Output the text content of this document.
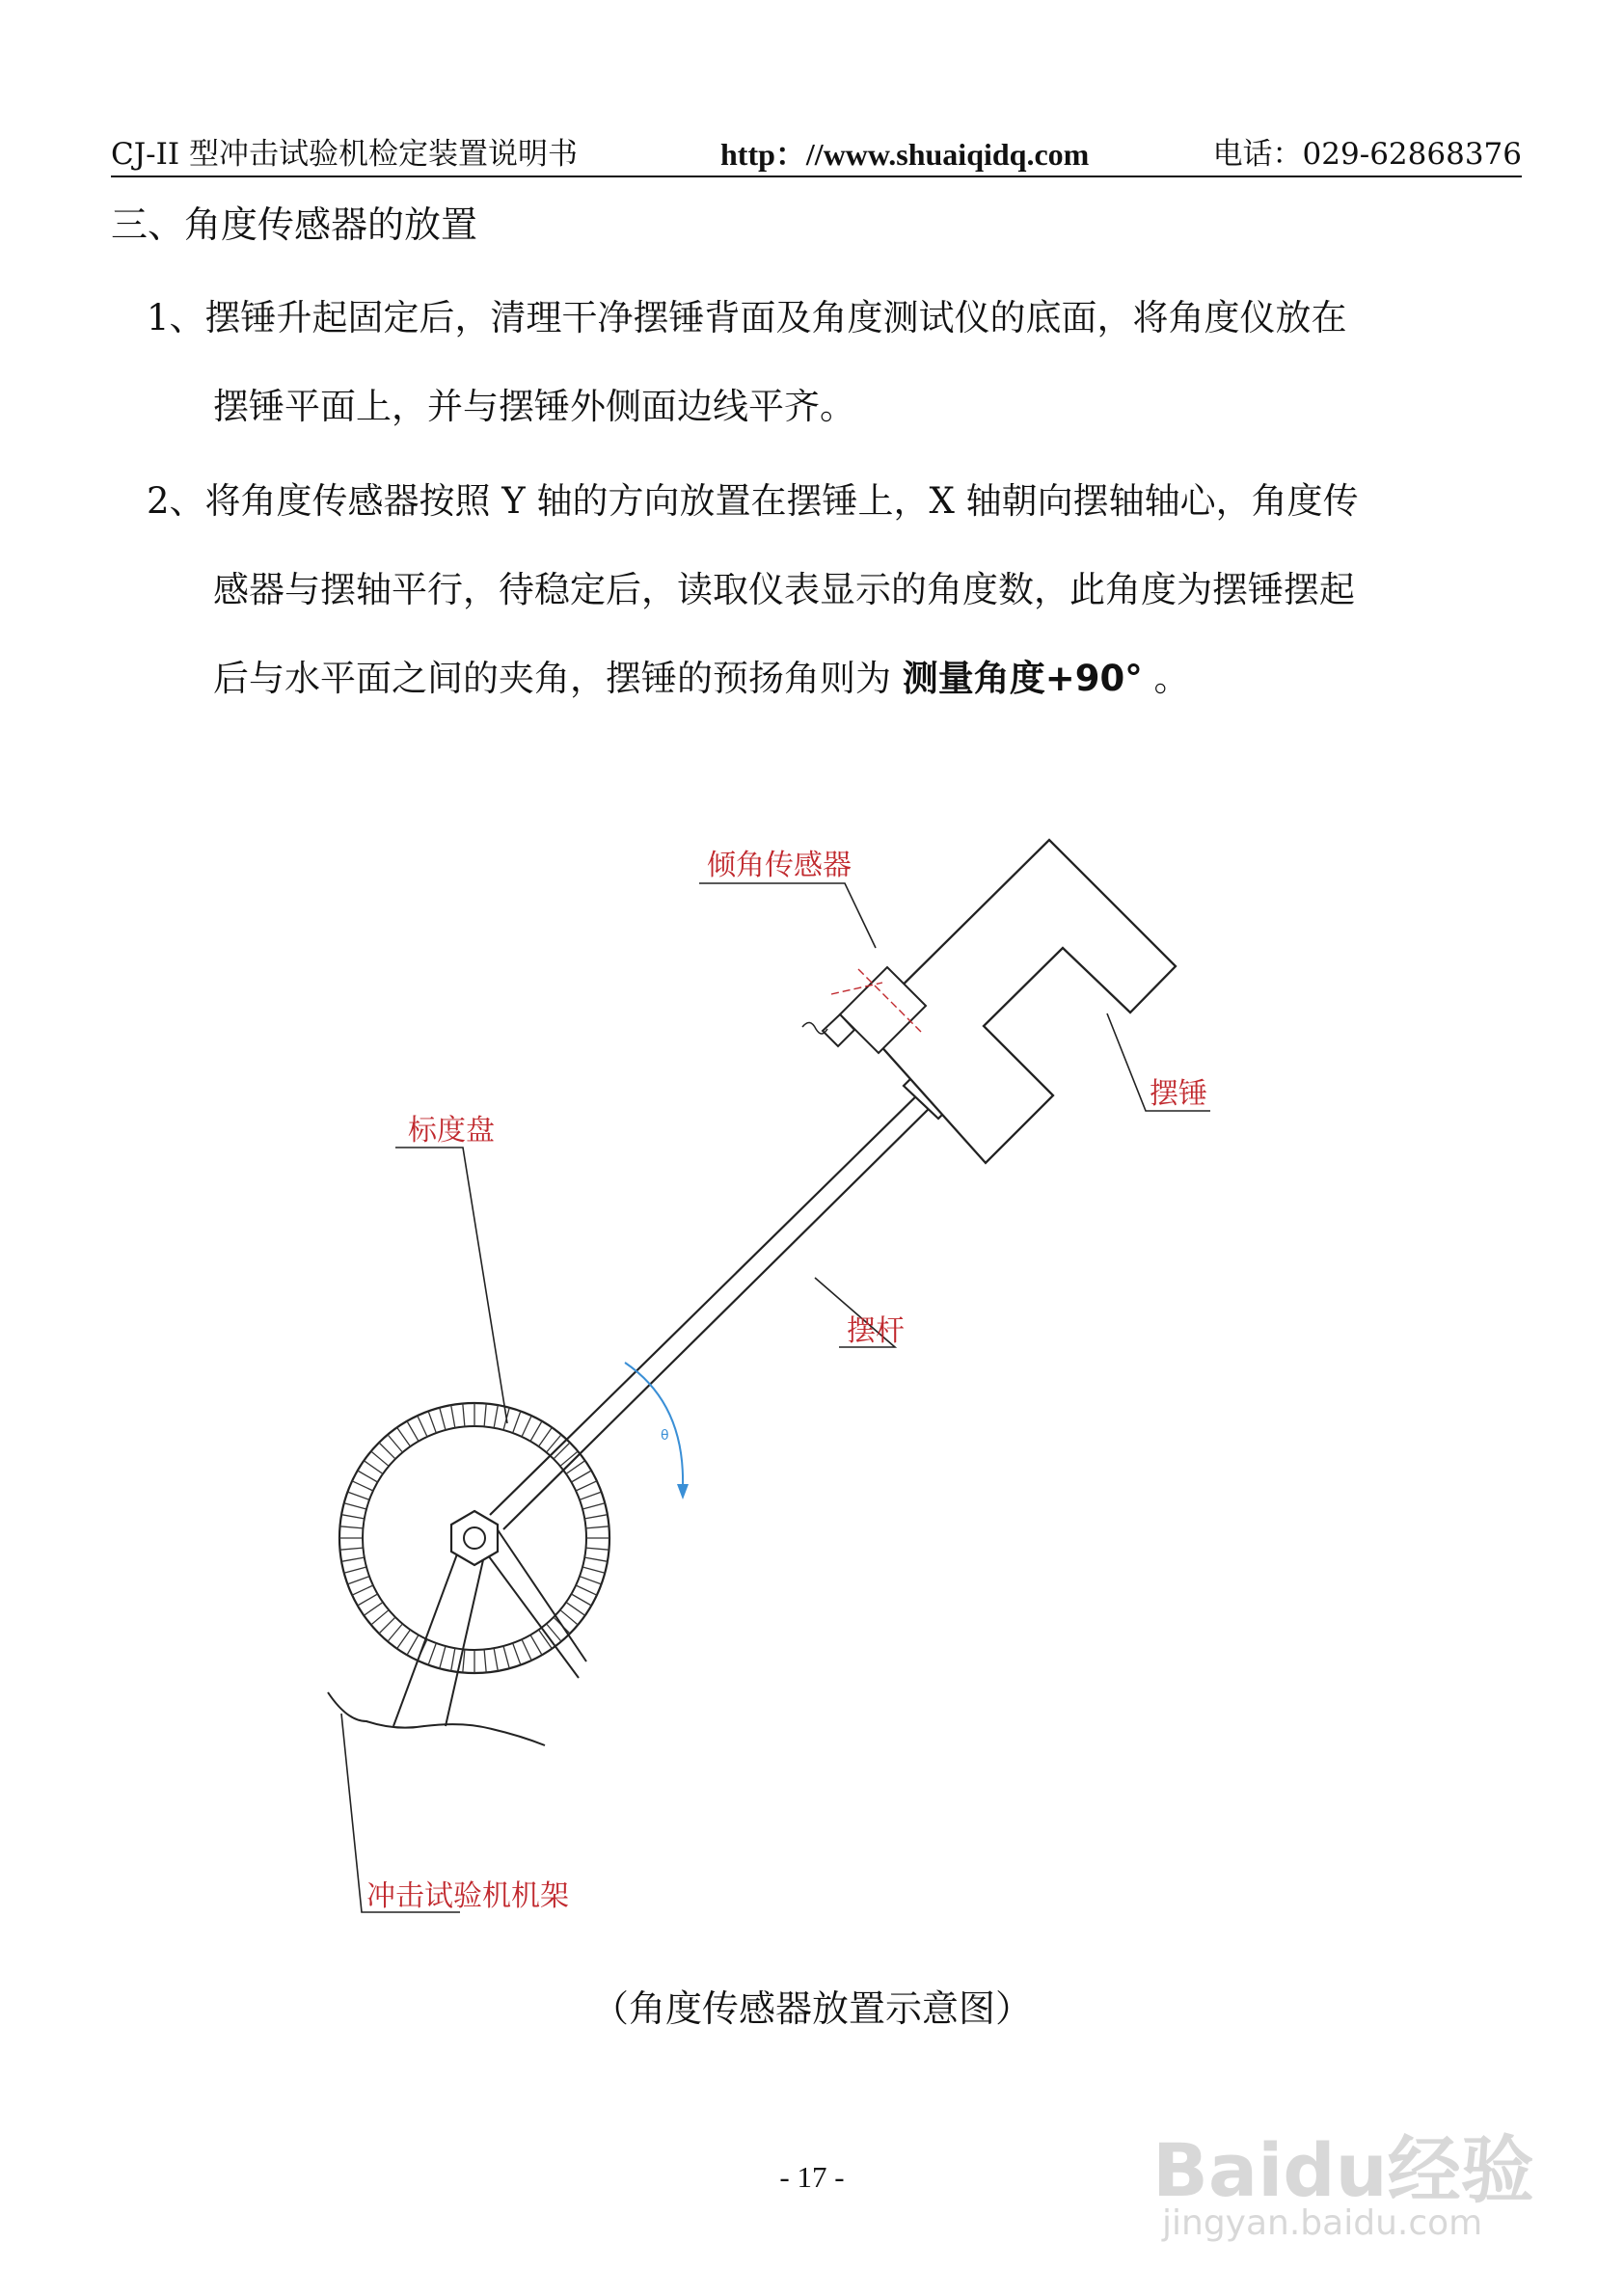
CJ-II 型冲击试验机检定装置说明书	http：//www.shuaiqidq.com	电话：029-62868376
三、角度传感器的放置
1、摆锤升起固定后，清理干净摆锤背面及角度测试仪的底面，将角度仪放在
摆锤平面上，并与摆锤外侧面边线平齐。
2、将角度传感器按照 Y 轴的方向放置在摆锤上，X 轴朝向摆轴轴心，角度传
感器与摆轴平行，待稳定后，读取仪表显示的角度数，此角度为摆锤摆起
后与水平面之间的夹角，摆锤的预扬角则为 测量角度+90° 。
θ
倾角传感器
摆锤
摆杆
标度盘
冲击试验机机架
（角度传感器放置示意图）
- 17 -	Baidu经验
jingyan.baidu.com
